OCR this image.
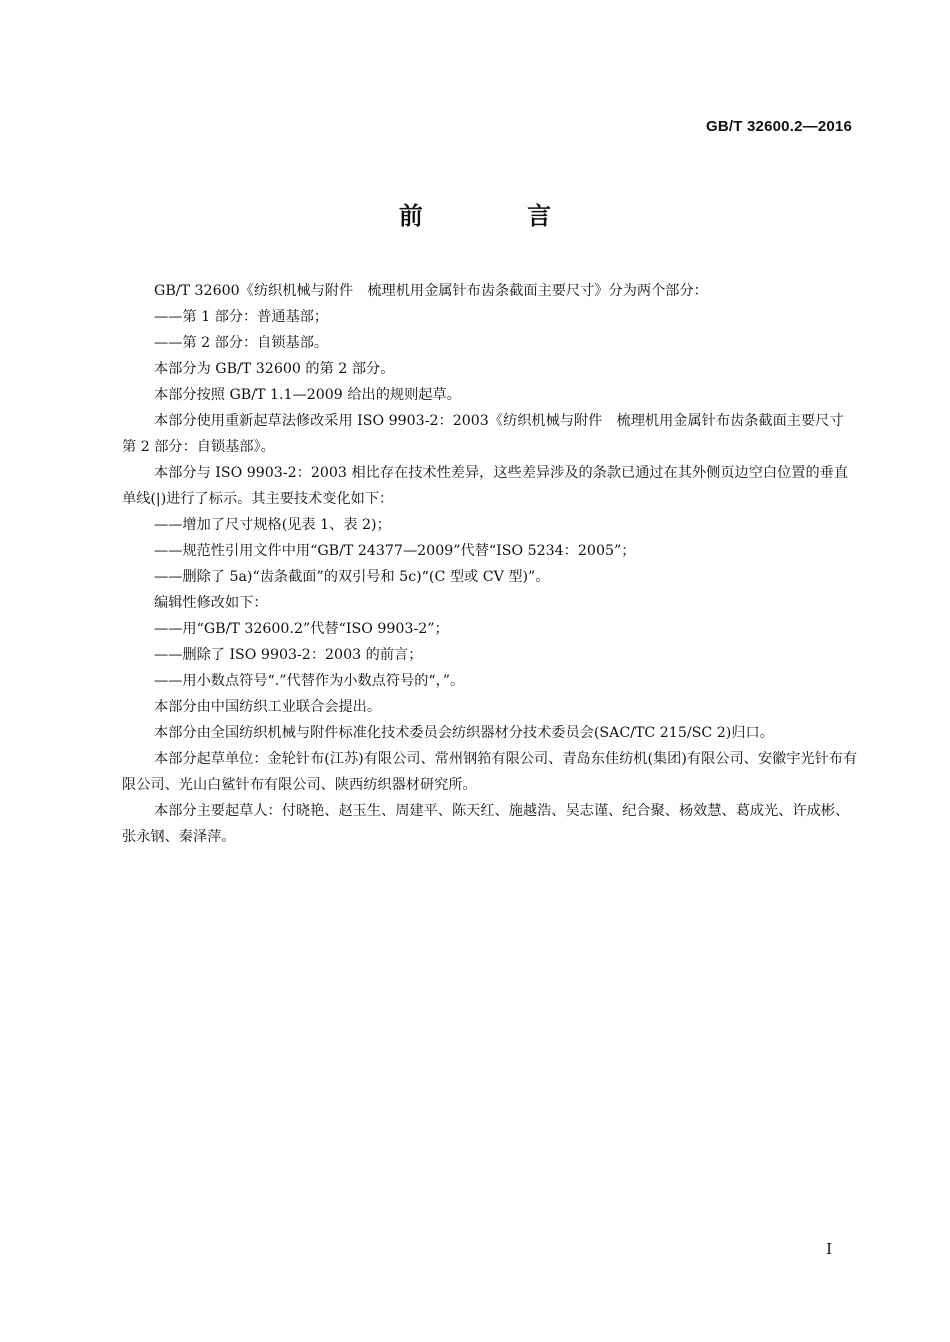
GB/T 32600.2—2016
前 言

GB/T 32600《纺织机械与附件　梳理机用金属针布齿条截面主要尺寸》分为两个部分：

——第 1 部分：普通基部；

——第 2 部分：自锁基部。

本部分为 GB/T 32600 的第 2 部分。

本部分按照 GB/T 1.1—2009 给出的规则起草。

本部分使用重新起草法修改采用 ISO 9903-2：2003《纺织机械与附件　梳理机用金属针布齿条截面主要尺寸　第 2 部分：自锁基部》。

本部分与 ISO 9903-2：2003 相比存在技术性差异，这些差异涉及的条款已通过在其外侧页边空白位置的垂直单线(|)进行了标示。其主要技术变化如下：

——增加了尺寸规格(见表 1、表 2)；

——规范性引用文件中用“GB/T 24377—2009”代替“ISO 5234：2005”；

——删除了 5a)“齿条截面”的双引号和 5c)“(C 型或 CV 型)”。

编辑性修改如下：

——用“GB/T 32600.2”代替“ISO 9903-2”；

——删除了 ISO 9903-2：2003 的前言；

——用小数点符号“.”代替作为小数点符号的“，”。

本部分由中国纺织工业联合会提出。

本部分由全国纺织机械与附件标准化技术委员会纺织器材分技术委员会(SAC/TC 215/SC 2)归口。

本部分起草单位：金轮针布(江苏)有限公司、常州钢筘有限公司、青岛东佳纺机(集团)有限公司、安徽宇光针布有限公司、光山白鲨针布有限公司、陕西纺织器材研究所。

本部分主要起草人：付晓艳、赵玉生、周建平、陈天红、施越浩、吴志谨、纪合聚、杨效慧、葛成光、许成彬、张永钢、秦泽萍。

I
